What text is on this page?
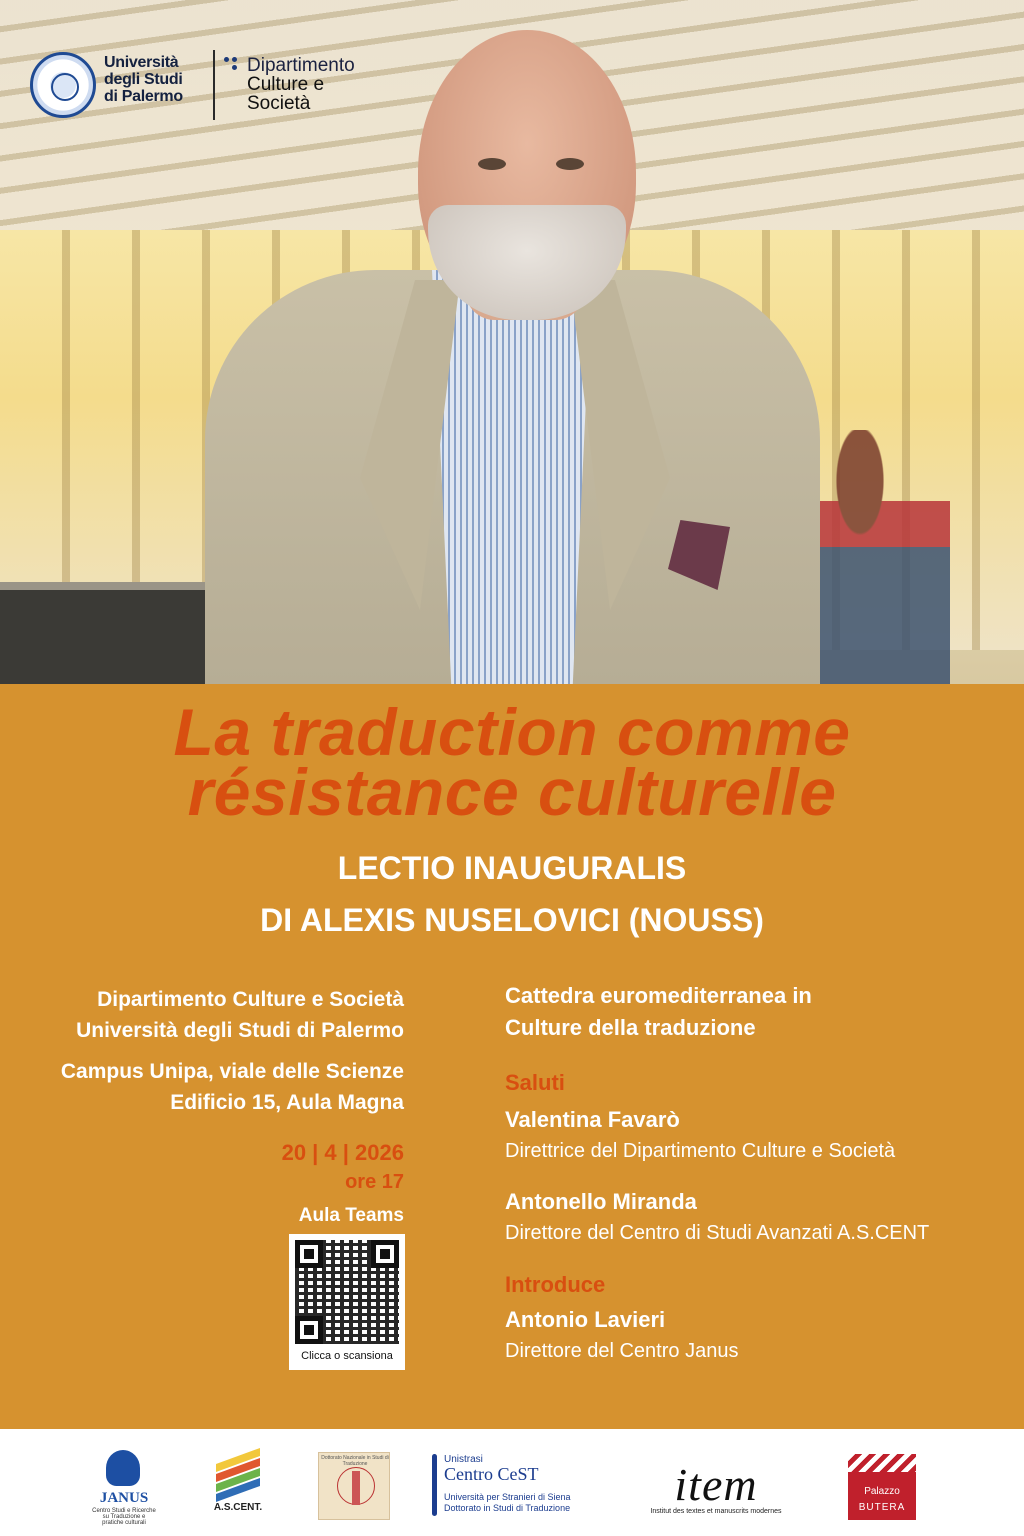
Università
degli Studi
di Palermo
Dipartimento
Culture e
Società
La traduction comme
résistance culturelle
LECTIO INAUGURALIS
DI ALEXIS NUSELOVICI (NOUSS)
Dipartimento Culture e Società
Università degli Studi di Palermo
Campus Unipa, viale delle Scienze
Edificio 15, Aula Magna
20 | 4 | 2026
ore 17
Aula Teams
Clicca o scansiona
Cattedra euromediterranea in
Culture della traduzione
Saluti
Valentina Favarò
Direttrice del Dipartimento Culture e Società
Antonello Miranda
Direttore del Centro di Studi Avanzati A.S.CENT
Introduce
Antonio Lavieri
Direttore del Centro Janus
JANUS
Centro Studi e Ricerche su Traduzione e pratiche culturali
A.S.CENT.
Dottorato Nazionale in Studi di Traduzione	Unistrasi
Centro CeST
Università per Stranieri di Siena Dottorato in Studi di Traduzione	item
Institut des textes et manuscrits modernes
Palazzo
BUTERA
